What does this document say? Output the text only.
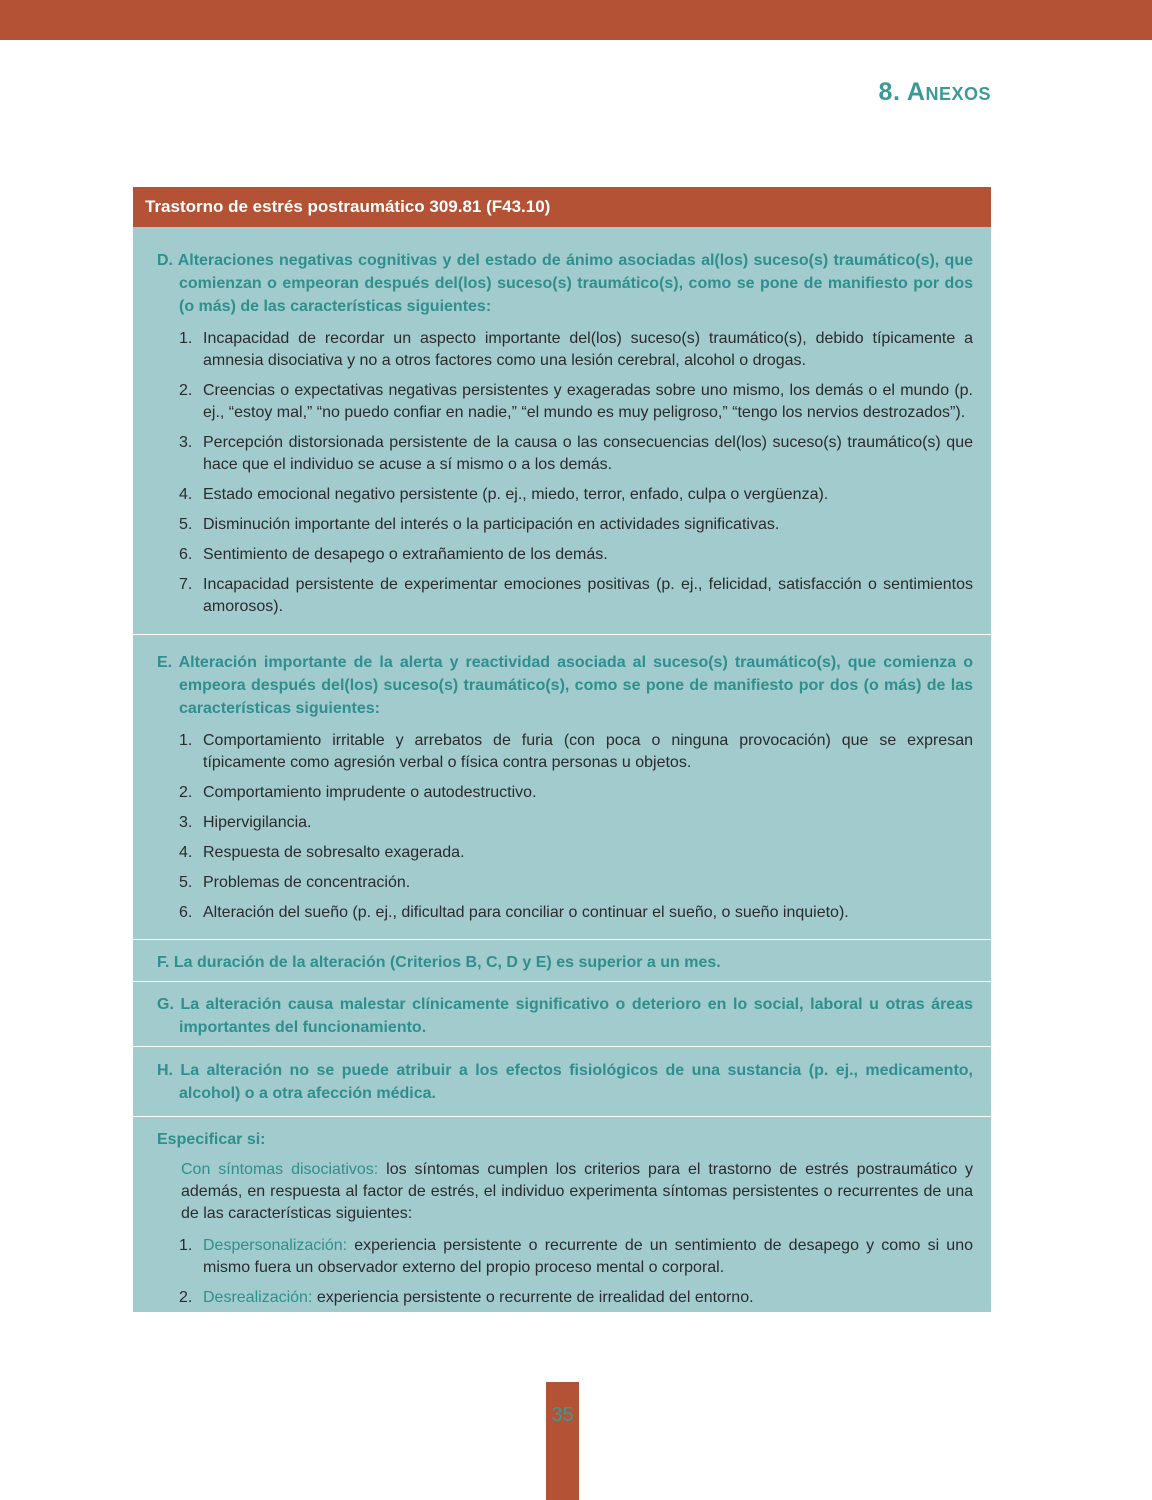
8. Anexos
Trastorno de estrés postraumático 309.81 (F43.10)
D. Alteraciones negativas cognitivas y del estado de ánimo asociadas al(los) suceso(s) traumático(s), que comienzan o empeoran después del(los) suceso(s) traumático(s), como se pone de manifiesto por dos (o más) de las características siguientes:
1. Incapacidad de recordar un aspecto importante del(los) suceso(s) traumático(s), debido típicamente a amnesia disociativa y no a otros factores como una lesión cerebral, alcohol o drogas.
2. Creencias o expectativas negativas persistentes y exageradas sobre uno mismo, los demás o el mundo (p. ej., “estoy mal,” “no puedo confiar en nadie,” “el mundo es muy peligroso,” “tengo los nervios destrozados”).
3. Percepción distorsionada persistente de la causa o las consecuencias del(los) suceso(s) traumático(s) que hace que el individuo se acuse a sí mismo o a los demás.
4. Estado emocional negativo persistente (p. ej., miedo, terror, enfado, culpa o vergüenza).
5. Disminución importante del interés o la participación en actividades significativas.
6. Sentimiento de desapego o extrañamiento de los demás.
7. Incapacidad persistente de experimentar emociones positivas (p. ej., felicidad, satisfacción o sentimientos amorosos).
E. Alteración importante de la alerta y reactividad asociada al suceso(s) traumático(s), que comienza o empeora después del(los) suceso(s) traumático(s), como se pone de manifiesto por dos (o más) de las características siguientes:
1. Comportamiento irritable y arrebatos de furia (con poca o ninguna provocación) que se expresan típicamente como agresión verbal o física contra personas u objetos.
2. Comportamiento imprudente o autodestructivo.
3. Hipervigilancia.
4. Respuesta de sobresalto exagerada.
5. Problemas de concentración.
6. Alteración del sueño (p. ej., dificultad para conciliar o continuar el sueño, o sueño inquieto).
F. La duración de la alteración (Criterios B, C, D y E) es superior a un mes.
G. La alteración causa malestar clínicamente significativo o deterioro en lo social, laboral u otras áreas importantes del funcionamiento.
H. La alteración no se puede atribuir a los efectos fisiológicos de una sustancia (p. ej., medicamento, alcohol) o a otra afección médica.
Especificar si:
Con síntomas disociativos: los síntomas cumplen los criterios para el trastorno de estrés postraumático y además, en respuesta al factor de estrés, el individuo experimenta síntomas persistentes o recurrentes de una de las características siguientes:
1. Despersonalización: experiencia persistente o recurrente de un sentimiento de desapego y como si uno mismo fuera un observador externo del propio proceso mental o corporal.
2. Desrealización: experiencia persistente o recurrente de irrealidad del entorno.
35
